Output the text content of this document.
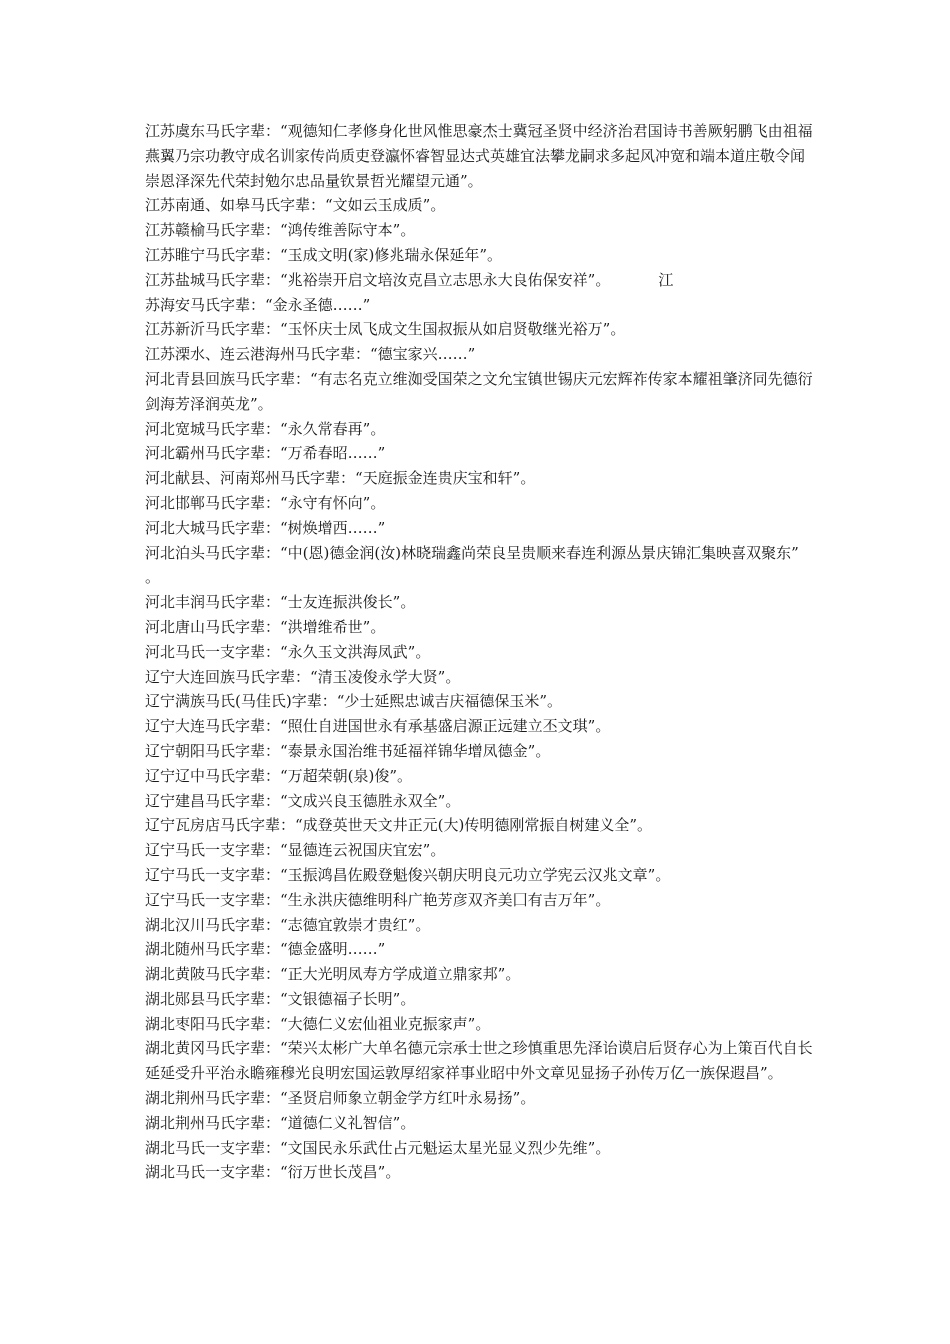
江苏虞东马氏字辈：“观德知仁孝修身化世风惟思豪杰士冀冠圣贤中经济治君国诗书善厥躬鹏飞由祖福燕翼乃宗功教守成名训家传尚质吏登瀛怀睿智显达式英雄宜法攀龙嗣求多起风冲宽和端本道庄敬令闻崇恩泽深先代荣封勉尔忠品量钦景哲光耀望元通”。

江苏南通、如皋马氏字辈：“文如云玉成质”。

江苏赣榆马氏字辈：“鸿传维善际守本”。

江苏睢宁马氏字辈：“玉成文明(家)修兆瑞永保延年”。

江苏盐城马氏字辈：“兆裕崇开启文培汝克昌立志思永大良佑保安祥”。	江

苏海安马氏字辈：“金永圣德……”

江苏新沂马氏字辈：“玉怀庆士凤飞成文生国叔振从如启贤敬继光裕万”。

江苏溧水、连云港海州马氏字辈：“德宝家兴……”

河北青县回族马氏字辈：“有志名克立维洳受国荣之文允宝镇世锡庆元宏辉祚传家本耀祖肇济同先德衍剑海芳泽润英龙”。

河北宽城马氏字辈：“永久常春再”。

河北霸州马氏字辈：“万希春昭……”

河北献县、河南郑州马氏字辈：“天庭振金连贵庆宝和轩”。

河北邯郸马氏字辈：“永守有怀向”。

河北大城马氏字辈：“树焕增西……”

河北泊头马氏字辈：“中(恩)德金润(汝)林晓瑞鑫尚荣良呈贵顺来春连利源丛景庆锦汇集映喜双聚东”。

河北丰润马氏字辈：“士友连振洪俊长”。

河北唐山马氏字辈：“洪增维希世”。

河北马氏一支字辈：“永久玉文洪海凤武”。

辽宁大连回族马氏字辈：“清玉凌俊永学大贤”。

辽宁满族马氏(马佳氏)字辈：“少士延熙忠诚吉庆福德保玉米”。

辽宁大连马氏字辈：“照仕自进国世永有承基盛启源正远建立丕文琪”。

辽宁朝阳马氏字辈：“泰景永国治维书延福祥锦华增凤德金”。

辽宁辽中马氏字辈：“万超荣朝(泉)俊”。

辽宁建昌马氏字辈：“文成兴良玉德胜永双全”。

辽宁瓦房店马氏字辈：“成登英世天文井正元(大)传明德刚常振自树建义全”。

辽宁马氏一支字辈：“显德连云祝国庆宜宏”。

辽宁马氏一支字辈：“玉振鸿昌佐殿登魁俊兴朝庆明良元功立学宪云汉兆文章”。

辽宁马氏一支字辈：“生永洪庆德维明科广艳芳彦双齐美囗有吉万年”。

湖北汉川马氏字辈：“志德宜敦崇才贵红”。

湖北随州马氏字辈：“德金盛明……”

湖北黄陂马氏字辈：“正大光明凤寿方学成道立鼎家邦”。

湖北郧县马氏字辈：“文银德福子长明”。

湖北枣阳马氏字辈：“大德仁义宏仙祖业克振家声”。

湖北黄冈马氏字辈：“荣兴太彬广大单名德元宗承士世之珍慎重思先泽诒谟启后贤存心为上策百代自长延延受升平治永瞻雍穆光良明宏国运敦厚绍家祥事业昭中外文章见显扬子孙传万亿一族保遐昌”。

湖北荆州马氏字辈：“圣贤启师象立朝金学方红叶永易扬”。

湖北荆州马氏字辈：“道德仁义礼智信”。

湖北马氏一支字辈：“文国民永乐武仕占元魁运太星光显义烈少先维”。

湖北马氏一支字辈：“衍万世长茂昌”。
